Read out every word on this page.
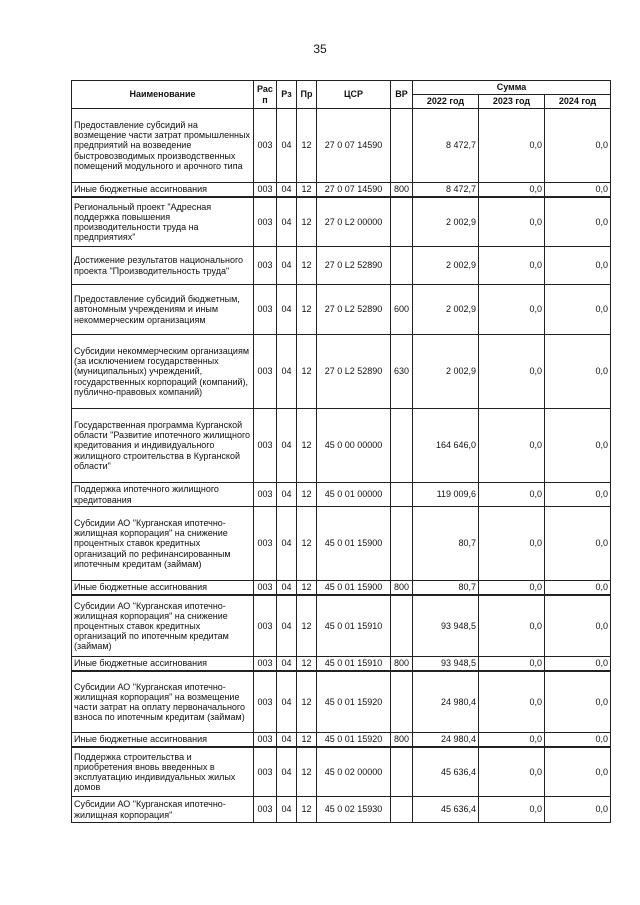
35
Наименование	Рас п	Рз	Пр	ЦСР	ВР	Сумма		
						2022 год	2023 год	2024 год
Предоставление субсидий на возмещение части затрат промышленных предприятий на возведение быстровозводимых производственных помещений модульного и арочного типа	003	04	12	27 0 07 14590		8 472,7	0,0	0,0
Иные бюджетные ассигнования	003	04	12	27 0 07 14590	800	8 472,7	0,0	0,0
Региональный проект "Адресная поддержка повышения производительности труда на предприятиях"	003	04	12	27 0 L2 00000		2 002,9	0,0	0,0
Достижение результатов национального проекта "Производительность труда"	003	04	12	27 0 L2 52890		2 002,9	0,0	0,0
Предоставление субсидий бюджетным, автономным учреждениям и иным некоммерческим организациям	003	04	12	27 0 L2 52890	600	2 002,9	0,0	0,0
Субсидии некоммерческим организациям (за исключением государственных (муниципальных) учреждений, государственных корпораций (компаний), публично-правовых компаний)	003	04	12	27 0 L2 52890	630	2 002,9	0,0	0,0
Государственная программа Курганской области "Развитие ипотечного жилищного кредитования и индивидуального жилищного строительства в Курганской области"	003	04	12	45 0 00 00000		164 646,0	0,0	0,0
Поддержка ипотечного жилищного кредитования	003	04	12	45 0 01 00000		119 009,6	0,0	0,0
Субсидии АО "Курганская ипотечно-жилищная корпорация" на снижение процентных ставок кредитных организаций по рефинансированным ипотечным кредитам (займам)	003	04	12	45 0 01 15900		80,7	0,0	0,0
Иные бюджетные ассигнования	003	04	12	45 0 01 15900	800	80,7	0,0	0,0
Субсидии АО "Курганская ипотечно-жилищная корпорация" на снижение процентных ставок кредитных организаций по ипотечным кредитам (займам)	003	04	12	45 0 01 15910		93 948,5	0,0	0,0
Иные бюджетные ассигнования	003	04	12	45 0 01 15910	800	93 948,5	0,0	0,0
Субсидии АО "Курганская ипотечно-жилищная корпорация" на возмещение части затрат на оплату первоначального взноса по ипотечным кредитам (займам)	003	04	12	45 0 01 15920		24 980,4	0,0	0,0
Иные бюджетные ассигнования	003	04	12	45 0 01 15920	800	24 980,4	0,0	0,0
Поддержка строительства и приобретения вновь введенных в эксплуатацию индивидуальных жилых домов	003	04	12	45 0 02 00000		45 636,4	0,0	0,0
Субсидии АО "Курганская ипотечно-жилищная корпорация"	003	04	12	45 0 02 15930		45 636,4	0,0	0,0
